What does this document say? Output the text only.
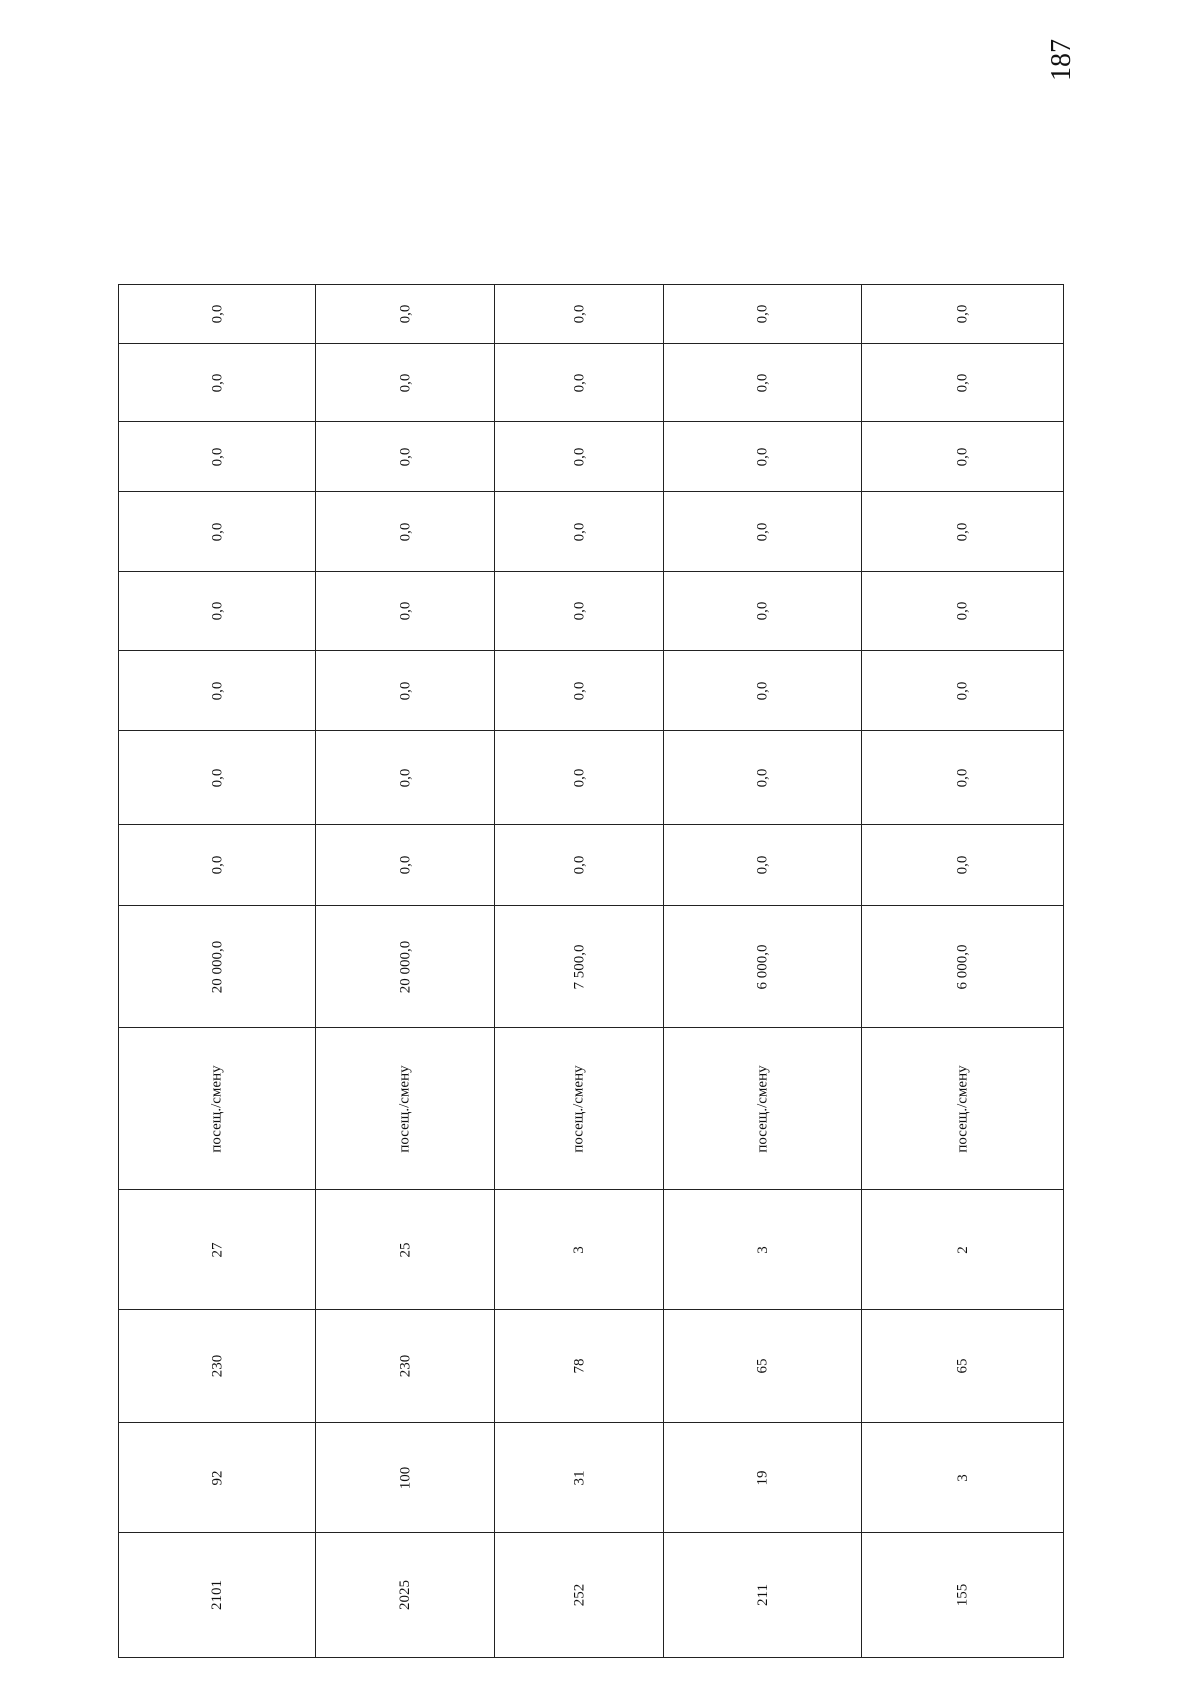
187
0,0	0,0	0,0	0,0	0,0
0,0	0,0	0,0	0,0	0,0
0,0	0,0	0,0	0,0	0,0
0,0	0,0	0,0	0,0	0,0
0,0	0,0	0,0	0,0	0,0
0,0	0,0	0,0	0,0	0,0
0,0	0,0	0,0	0,0	0,0
0,0	0,0	0,0	0,0	0,0
20 000,0	20 000,0	7 500,0	6 000,0	6 000,0
посещ./смену	посещ./смену	посещ./смену	посещ./смену	посещ./смену
27	25	3	3	2
230	230	78	65	65
92	100	31	19	3
2101	2025	252	211	155
